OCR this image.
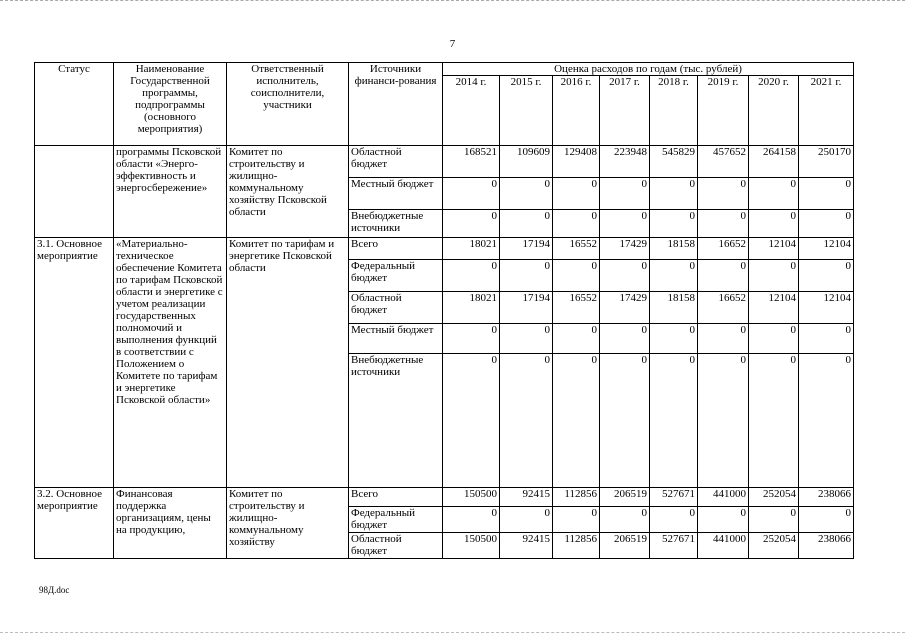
7
Статус	Наименование Государственной программы, подпрограммы (основного мероприятия)	Ответственный исполнитель, соисполнители, участники	Источники финанси-рования	Оценка расходов по годам (тыс. рублей)							
				2014 г.	2015 г.	2016 г.	2017 г.	2018 г.	2019 г.	2020 г.	2021 г.
	программы Псковской области «Энерго-эффективность и энергосбережение»	Комитет по строительству и жилищно-коммунальному хозяйству Псковской области	Областной бюджет	168521	109609	129408	223948	545829	457652	264158	250170
			Местный бюджет	0	0	0	0	0	0	0	0
			Внебюджетные источники	0	0	0	0	0	0	0	0
3.1. Основное мероприятие	«Материально-техническое обеспечение Комитета по тарифам Псковской области и энергетике с учетом реализации государственных полномочий и выполнения функций в соответствии с Положением о Комитете по тарифам и энергетике Псковской области»	Комитет по тарифам и энергетике Псковской области	Всего	18021	17194	16552	17429	18158	16652	12104	12104
			Федеральный бюджет	0	0	0	0	0	0	0	0
			Областной бюджет	18021	17194	16552	17429	18158	16652	12104	12104
			Местный бюджет	0	0	0	0	0	0	0	0
			Внебюджетные источники	0	0	0	0	0	0	0	0
3.2. Основное мероприятие	Финансовая поддержка организациям, цены на продукцию,	Комитет по строительству и жилищно-коммунальному хозяйству	Всего	150500	92415	112856	206519	527671	441000	252054	238066
			Федеральный бюджет	0	0	0	0	0	0	0	0
			Областной бюджет	150500	92415	112856	206519	527671	441000	252054	238066
98Д.doc
